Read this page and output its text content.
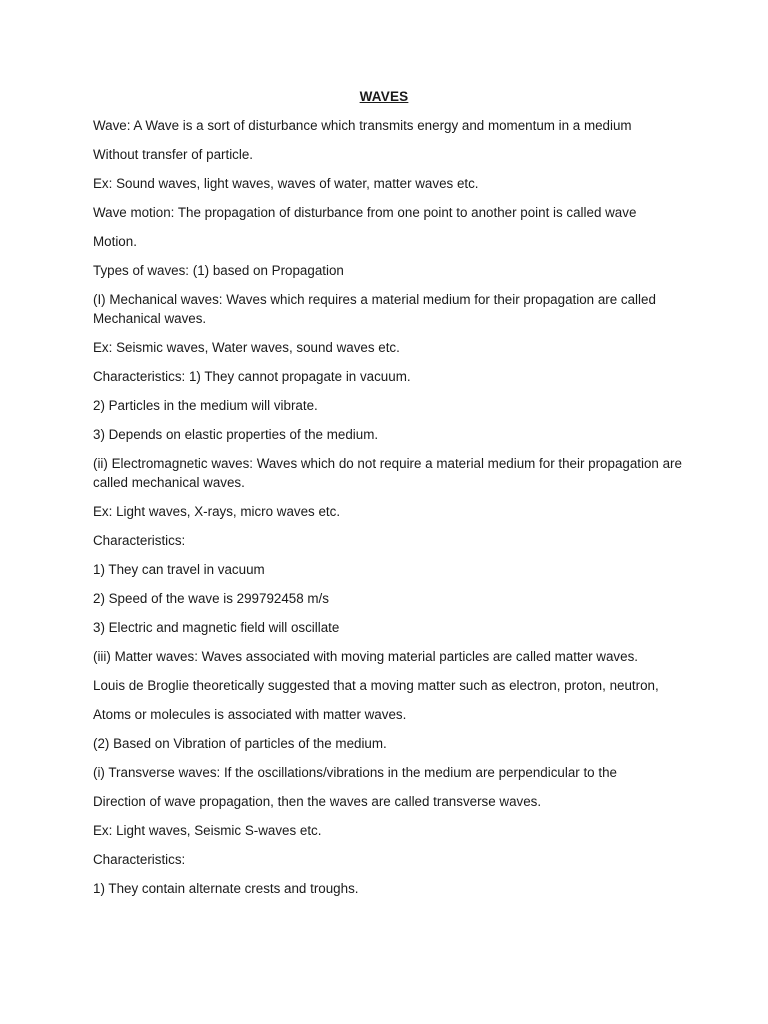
WAVES

Wave: A Wave is a sort of disturbance which transmits energy and momentum in a medium

Without transfer of particle.

Ex: Sound waves, light waves, waves of water, matter waves etc.

Wave motion: The propagation of disturbance from one point to another point is called wave

Motion.

Types of waves: (1) based on Propagation

(I) Mechanical waves: Waves which requires a material medium for their propagation are called Mechanical waves.

Ex: Seismic waves, Water waves, sound waves etc.

Characteristics: 1) They cannot propagate in vacuum.

2) Particles in the medium will vibrate.

3) Depends on elastic properties of the medium.

(ii) Electromagnetic waves: Waves which do not require a material medium for their propagation are called mechanical waves.

Ex: Light waves, X-rays, micro waves etc.

Characteristics:

1) They can travel in vacuum

2) Speed of the wave is 299792458 m/s

3) Electric and magnetic field will oscillate

(iii) Matter waves: Waves associated with moving material particles are called matter waves.

Louis de Broglie theoretically suggested that a moving matter such as electron, proton, neutron,

Atoms or molecules is associated with matter waves.

(2) Based on Vibration of particles of the medium.

(i) Transverse waves: If the oscillations/vibrations in the medium are perpendicular to the

Direction of wave propagation, then the waves are called transverse waves.

Ex: Light waves, Seismic S-waves etc.

Characteristics:

1) They contain alternate crests and troughs.
